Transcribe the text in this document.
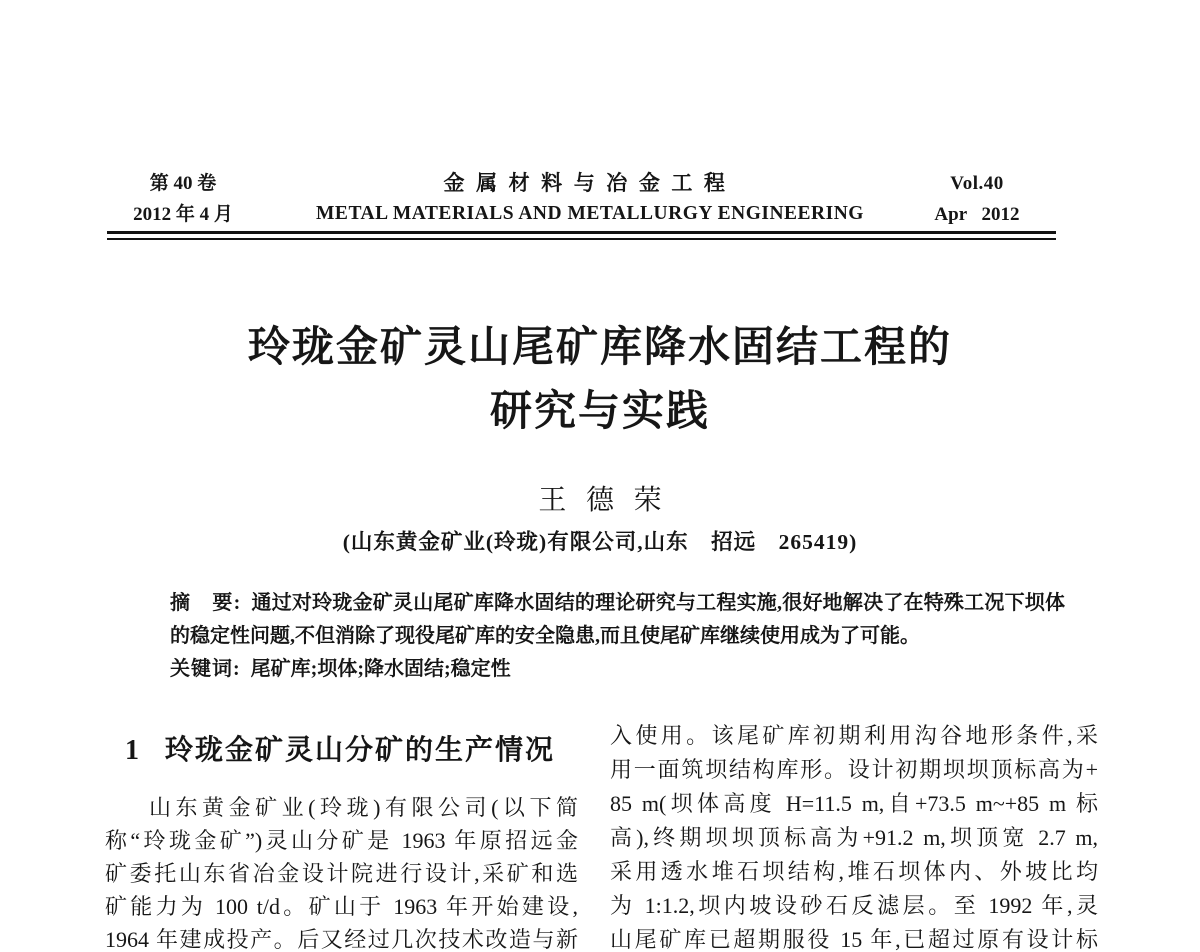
第 40 卷
2012 年 4 月
金属材料与冶金工程
METAL MATERIALS AND METALLURGY ENGINEERING
Vol.40
Apr 2012
玲珑金矿灵山尾矿库降水固结工程的
研究与实践
王德荣
(山东黄金矿业(玲珑)有限公司,山东　招远　265419)
摘　要: 通过对玲珑金矿灵山尾矿库降水固结的理论研究与工程实施,很好地解决了在特殊工况下坝体
的稳定性问题,不但消除了现役尾矿库的安全隐患,而且使尾矿库继续使用成为了可能。
关键词: 尾矿库;坝体;降水固结;稳定性
1 玲珑金矿灵山分矿的生产情况
山东黄金矿业(玲珑)有限公司(以下简
称“玲珑金矿”)灵山分矿是 1963 年原招远金
矿委托山东省冶金设计院进行设计,采矿和选
矿能力为 100 t/d。矿山于 1963 年开始建设,
1964 年建成投产。后又经过几次技术改造与新
入使用。该尾矿库初期利用沟谷地形条件,采
用一面筑坝结构库形。设计初期坝坝顶标高为+
85 m(坝体高度 H=11.5 m,自+73.5 m~+85 m 标
高),终期坝坝顶标高为+91.2 m,坝顶宽 2.7 m,
采用透水堆石坝结构,堆石坝体内、外坡比均
为 1:1.2,坝内坡设砂石反滤层。至 1992 年,灵
山尾矿库已超期服役 15 年,已超过原有设计标
